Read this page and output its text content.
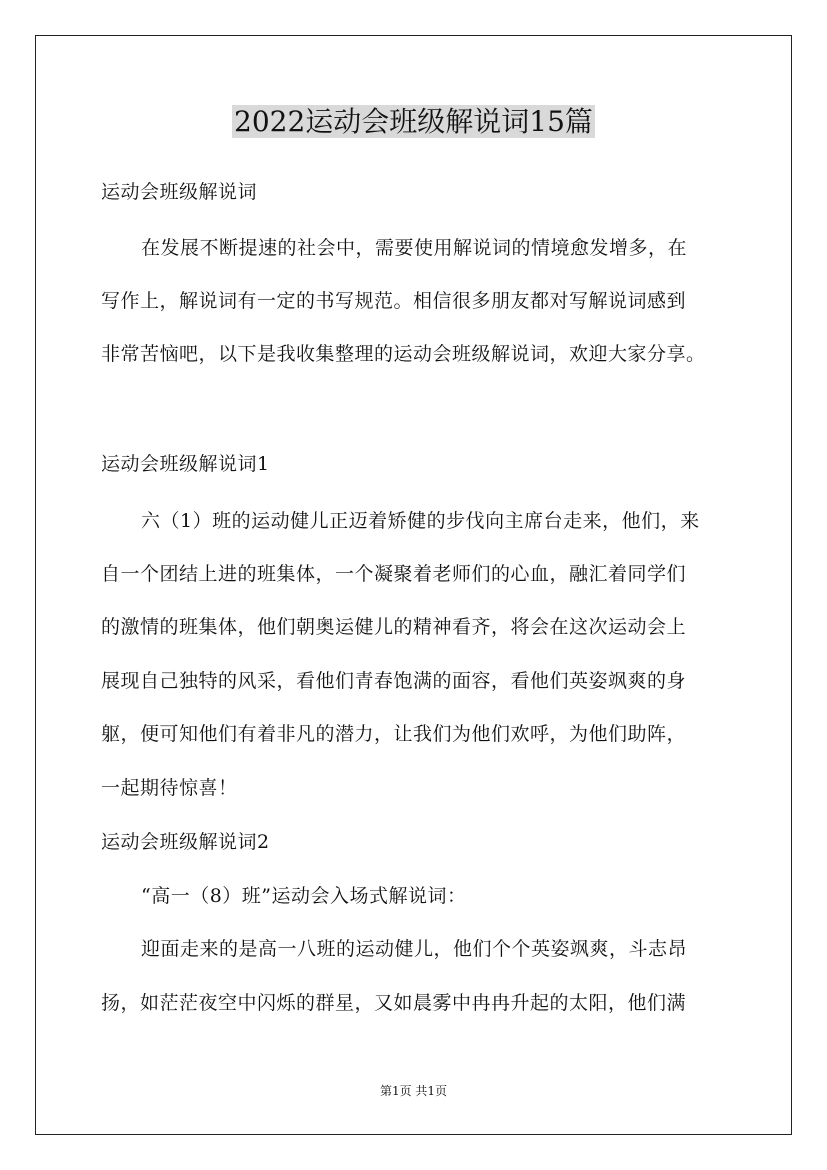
2022运动会班级解说词15篇
运动会班级解说词
在发展不断提速的社会中，需要使用解说词的情境愈发增多，在
写作上，解说词有一定的书写规范。相信很多朋友都对写解说词感到
非常苦恼吧，以下是我收集整理的运动会班级解说词，欢迎大家分享。
运动会班级解说词1
六（1）班的运动健儿正迈着矫健的步伐向主席台走来，他们，来
自一个团结上进的班集体，一个凝聚着老师们的心血，融汇着同学们
的激情的班集体，他们朝奥运健儿的精神看齐，将会在这次运动会上
展现自己独特的风采，看他们青春饱满的面容，看他们英姿飒爽的身
躯，便可知他们有着非凡的潜力，让我们为他们欢呼，为他们助阵，
一起期待惊喜！
运动会班级解说词2
“高一（8）班”运动会入场式解说词：
迎面走来的是高一八班的运动健儿，他们个个英姿飒爽，斗志昂
扬，如茫茫夜空中闪烁的群星，又如晨雾中冉冉升起的太阳，他们满
第1页 共1页
